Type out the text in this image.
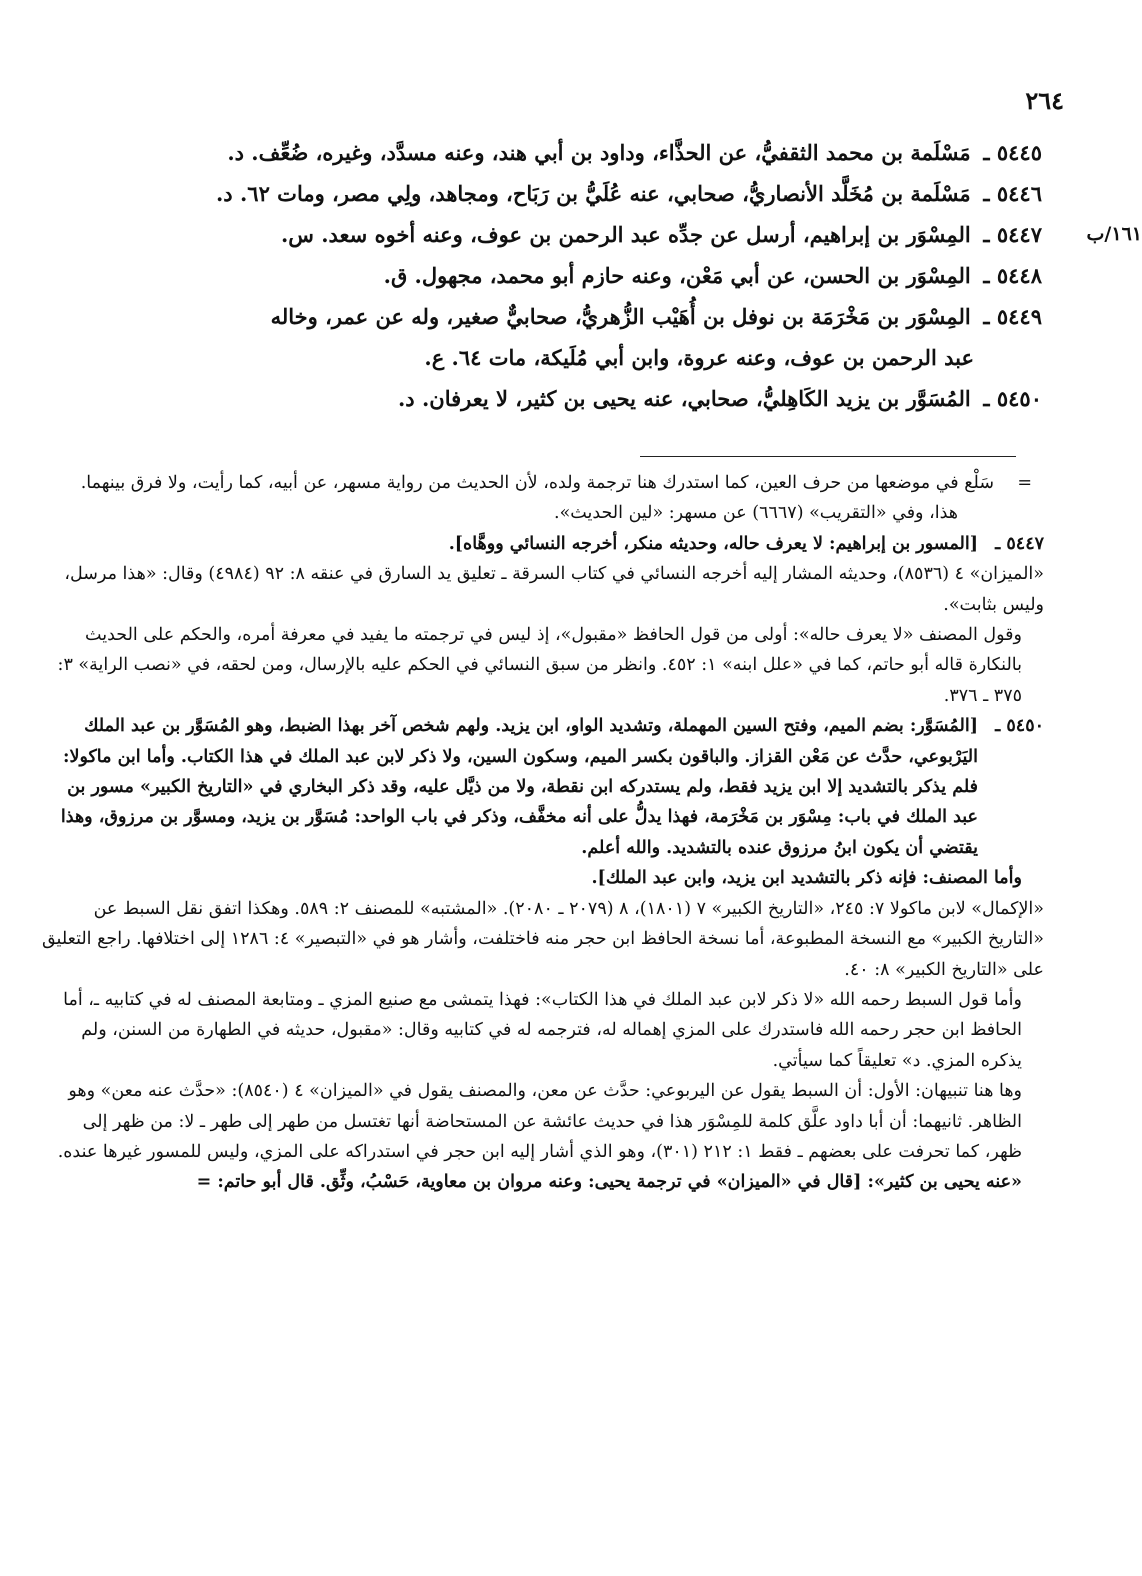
٢٦٤
٥٤٤٥ ـ مَسْلَمة بن محمد الثقفيُّ، عن الحذَّاء، وداود بن أبي هند، وعنه مسدَّد، وغيره، ضُعِّف. د.
٥٤٤٦ ـ مَسْلَمة بن مُخَلَّد الأنصاريُّ، صحابي، عنه عُلَيُّ بن رَبَاح، ومجاهد، ولِي مصر، ومات ٦٢. د.
١٦١/ب
٥٤٤٧ ـ المِسْوَر بن إبراهيم، أرسل عن جدِّه عبد الرحمن بن عوف، وعنه أخوه سعد. س.
٥٤٤٨ ـ المِسْوَر بن الحسن، عن أبي مَعْن، وعنه حازم أبو محمد، مجهول. ق.
٥٤٤٩ ـ المِسْوَر بن مَخْرَمَة بن نوفل بن أُهَيْب الزُّهريُّ، صحابيٌّ صغير، وله عن عمر، وخاله
عبد الرحمن بن عوف، وعنه عروة، وابن أبي مُلَيكة، مات ٦٤. ع.
٥٤٥٠ ـ المُسَوَّر بن يزيد الكَاهِليُّ، صحابي، عنه يحيى بن كثير، لا يعرفان. د.

=
سَلْع في موضعها من حرف العين، كما استدرك هنا ترجمة ولده، لأن الحديث من رواية مسهر، عن أبيه، كما رأيت، ولا فرق بينهما.

هذا، وفي «التقريب» (٦٦٦٧) عن مسهر: «لين الحديث».

٥٤٤٧ ـ
[المسور بن إبراهيم: لا يعرف حاله، وحديثه منكر، أخرجه النسائي ووهَّاه].

«الميزان» ٤ (٨٥٣٦)، وحديثه المشار إليه أخرجه النسائي في كتاب السرقة ـ تعليق يد السارق في عنقه ٨: ٩٢ (٤٩٨٤) وقال: «هذا مرسل، وليس بثابت».

وقول المصنف «لا يعرف حاله»: أولى من قول الحافظ «مقبول»، إذ ليس في ترجمته ما يفيد في معرفة أمره، والحكم على الحديث بالنكارة قاله أبو حاتم، كما في «علل ابنه» ١: ٤٥٢. وانظر من سبق النسائي في الحكم عليه بالإرسال، ومن لحقه، في «نصب الراية» ٣: ٣٧٥ ـ ٣٧٦.

٥٤٥٠ ـ
[المُسَوَّر: بضم الميم، وفتح السين المهملة، وتشديد الواو، ابن يزيد. ولهم شخص آخر بهذا الضبط، وهو المُسَوَّر بن عبد الملك اليَرْبوعي، حدَّث عن مَعْن القزاز. والباقون بكسر الميم، وسكون السين، ولا ذكر لابن عبد الملك في هذا الكتاب. وأما ابن ماكولا: فلم يذكر بالتشديد إلا ابن يزيد فقط، ولم يستدركه ابن نقطة، ولا من ذيَّل عليه، وقد ذكر البخاري في «التاريخ الكبير» مسور بن عبد الملك في باب: مِسْوَر بن مَخْرَمة، فهذا يدلُّ على أنه مخفَّف، وذكر في باب الواحد: مُسَوَّر بن يزيد، ومسوَّر بن مرزوق، وهذا يقتضي أن يكون ابنُ مرزوق عنده بالتشديد. والله أعلم.

وأما المصنف: فإنه ذكر بالتشديد ابن يزيد، وابن عبد الملك].

«الإكمال» لابن ماكولا ٧: ٢٤٥، «التاريخ الكبير» ٧ (١٨٠١)، ٨ (٢٠٧٩ ـ ٢٠٨٠). «المشتبه» للمصنف ٢: ٥٨٩. وهكذا اتفق نقل السبط عن «التاريخ الكبير» مع النسخة المطبوعة، أما نسخة الحافظ ابن حجر منه فاختلفت، وأشار هو في «التبصير» ٤: ١٢٨٦ إلى اختلافها. راجع التعليق على «التاريخ الكبير» ٨: ٤٠.

وأما قول السبط رحمه الله «لا ذكر لابن عبد الملك في هذا الكتاب»: فهذا يتمشى مع صنيع المزي ـ ومتابعة المصنف له في كتابيه ـ، أما الحافظ ابن حجر رحمه الله فاستدرك على المزي إهماله له، فترجمه له في كتابيه وقال: «مقبول، حديثه في الطهارة من السنن، ولم يذكره المزي. د» تعليقاً كما سيأتي.

وها هنا تنبيهان: الأول: أن السبط يقول عن اليربوعي: حدَّث عن معن، والمصنف يقول في «الميزان» ٤ (٨٥٤٠): «حدَّث عنه معن» وهو الظاهر. ثانيهما: أن أبا داود علَّق كلمة للمِسْوَر هذا في حديث عائشة عن المستحاضة أنها تغتسل من طهر إلى طهر ـ لا: من ظهر إلى ظهر، كما تحرفت على بعضهم ـ فقط ١: ٢١٢ (٣٠١)، وهو الذي أشار إليه ابن حجر في استدراكه على المزي، وليس للمسور غيرها عنده.

«عنه يحيى بن كثير»: [قال في «الميزان» في ترجمة يحيى: وعنه مروان بن معاوية، حَسْبُ، وثِّق. قال أبو حاتم: =
